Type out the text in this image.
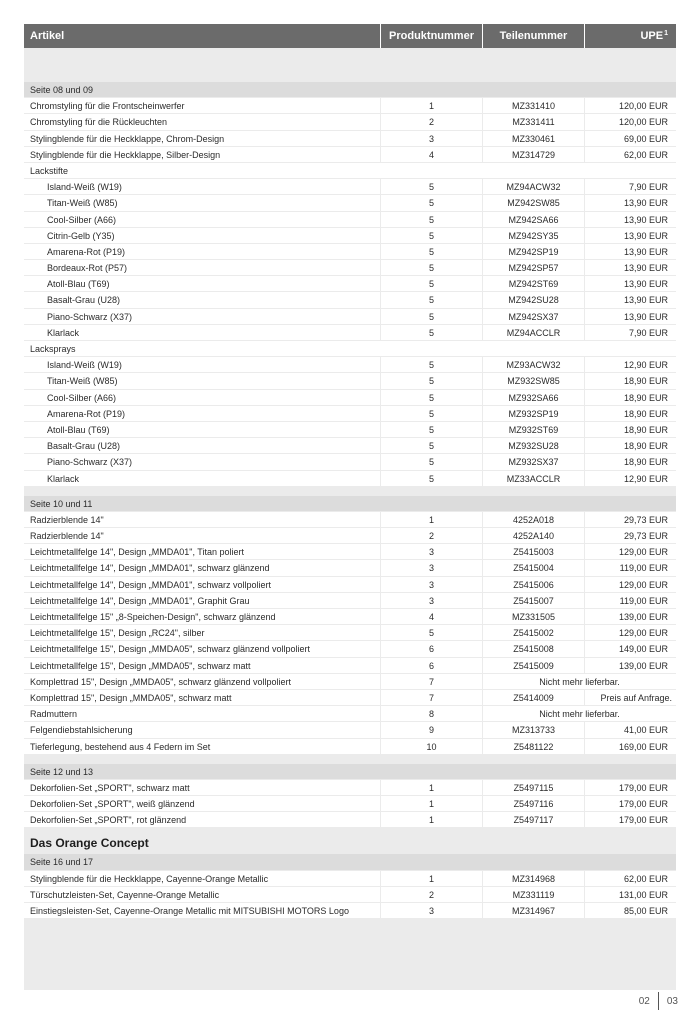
Artikel	Produktnummer	Teilenummer	UPE$^1$
Seite 08 und 09
Chromstyling für die Frontscheinwerfer	1	MZ331410	120,00 EUR
Chromstyling für die Rückleuchten	2	MZ331411	120,00 EUR
Stylingblende für die Heckklappe, Chrom-Design	3	MZ330461	69,00 EUR
Stylingblende für die Heckklappe, Silber-Design	4	MZ314729	62,00 EUR
Lackstifte
Island-Weiß (W19)	5	MZ94ACW32	7,90 EUR
Titan-Weiß (W85)	5	MZ942SW85	13,90 EUR
Cool-Silber (A66)	5	MZ942SA66	13,90 EUR
Citrin-Gelb (Y35)	5	MZ942SY35	13,90 EUR
Amarena-Rot (P19)	5	MZ942SP19	13,90 EUR
Bordeaux-Rot (P57)	5	MZ942SP57	13,90 EUR
Atoll-Blau (T69)	5	MZ942ST69	13,90 EUR
Basalt-Grau (U28)	5	MZ942SU28	13,90 EUR
Piano-Schwarz (X37)	5	MZ942SX37	13,90 EUR
Klarlack	5	MZ94ACCLR	7,90 EUR
Lacksprays
Island-Weiß (W19)	5	MZ93ACW32	12,90 EUR
Titan-Weiß (W85)	5	MZ932SW85	18,90 EUR
Cool-Silber (A66)	5	MZ932SA66	18,90 EUR
Amarena-Rot (P19)	5	MZ932SP19	18,90 EUR
Atoll-Blau (T69)	5	MZ932ST69	18,90 EUR
Basalt-Grau (U28)	5	MZ932SU28	18,90 EUR
Piano-Schwarz (X37)	5	MZ932SX37	18,90 EUR
Klarlack	5	MZ33ACCLR	12,90 EUR
Seite 10 und 11
Radzierblende 14"	1	4252A018	29,73 EUR
Radzierblende 14"	2	4252A140	29,73 EUR
Leichtmetallfelge 14", Design „MMDA01", Titan poliert	3	Z5415003	129,00 EUR
Leichtmetallfelge 14", Design „MMDA01", schwarz glänzend	3	Z5415004	119,00 EUR
Leichtmetallfelge 14", Design „MMDA01", schwarz vollpoliert	3	Z5415006	129,00 EUR
Leichtmetallfelge 14", Design „MMDA01", Graphit Grau	3	Z5415007	119,00 EUR
Leichtmetallfelge 15" „8-Speichen-Design", schwarz glänzend	4	MZ331505	139,00 EUR
Leichtmetallfelge 15", Design „RC24", silber	5	Z5415002	129,00 EUR
Leichtmetallfelge 15", Design „MMDA05", schwarz glänzend vollpoliert	6	Z5415008	149,00 EUR
Leichtmetallfelge 15", Design „MMDA05", schwarz matt	6	Z5415009	139,00 EUR
Komplettrad 15", Design „MMDA05", schwarz glänzend vollpoliert	7	Nicht mehr lieferbar.
Komplettrad 15", Design „MMDA05", schwarz matt	7	Z5414009	Preis auf Anfrage.
Radmuttern	8	Nicht mehr lieferbar.
Felgendiebstahlsicherung	9	MZ313733	41,00 EUR
Tieferlegung, bestehend aus 4 Federn im Set	10	Z5481122	169,00 EUR
Seite 12 und 13
Dekorfolien-Set „SPORT", schwarz matt	1	Z5497115	179,00 EUR
Dekorfolien-Set „SPORT", weiß glänzend	1	Z5497116	179,00 EUR
Dekorfolien-Set „SPORT", rot glänzend	1	Z5497117	179,00 EUR
Das Orange Concept
Seite 16 und 17
Stylingblende für die Heckklappe, Cayenne-Orange Metallic	1	MZ314968	62,00 EUR
Türschutzleisten-Set, Cayenne-Orange Metallic	2	MZ331119	131,00 EUR
Einstiegsleisten-Set, Cayenne-Orange Metallic mit MITSUBISHI MOTORS Logo	3	MZ314967	85,00 EUR
02 03
